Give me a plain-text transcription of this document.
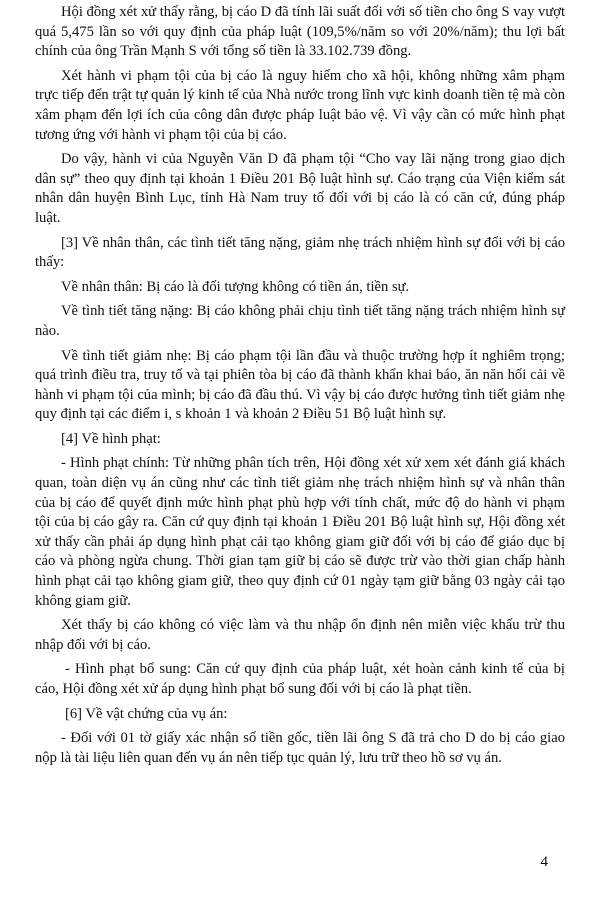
Hội đồng xét xử thấy rằng, bị cáo D đã tính lãi suất đối với số tiền cho ông S vay vượt quá 5,475 lần so với quy định của pháp luật (109,5%/năm so với 20%/năm); thu lợi bất chính của ông Trần Mạnh S với tổng số tiền là 33.102.739 đồng.

Xét hành vi phạm tội của bị cáo là nguy hiểm cho xã hội, không những xâm phạm trực tiếp đến trật tự quản lý kinh tế của Nhà nước trong lĩnh vực kinh doanh tiền tệ mà còn xâm phạm đến lợi ích của công dân được pháp luật bảo vệ. Vì vậy cần có mức hình phạt tương ứng với hành vi phạm tội của bị cáo.

Do vậy, hành vi của Nguyễn Văn D đã phạm tội “Cho vay lãi nặng trong giao dịch dân sự” theo quy định tại khoản 1 Điều 201 Bộ luật hình sự. Cáo trạng của Viện kiểm sát nhân dân huyện Bình Lục, tỉnh Hà Nam truy tố đối với bị cáo là có căn cứ, đúng pháp luật.

[3] Về nhân thân, các tình tiết tăng nặng, giảm nhẹ trách nhiệm hình sự đối với bị cáo thấy:

Về nhân thân: Bị cáo là đối tượng không có tiền án, tiền sự.

Về tình tiết tăng nặng: Bị cáo không phải chịu tình tiết tăng nặng trách nhiệm hình sự nào.

Về tình tiết giảm nhẹ: Bị cáo phạm tội lần đầu và thuộc trường hợp ít nghiêm trọng; quá trình điều tra, truy tố và tại phiên tòa bị cáo đã thành khẩn khai báo, ăn năn hối cải về hành vi phạm tội của mình; bị cáo đã đầu thú. Vì vậy bị cáo được hưởng tình tiết giảm nhẹ quy định tại các điểm i, s khoản 1 và khoản 2 Điều 51 Bộ luật hình sự.

[4] Về hình phạt:

- Hình phạt chính: Từ những phân tích trên, Hội đồng xét xử xem xét đánh giá khách quan, toàn diện vụ án cũng như các tình tiết giảm nhẹ trách nhiệm hình sự và nhân thân của bị cáo để quyết định mức hình phạt phù hợp với tính chất, mức độ do hành vi phạm tội của bị cáo gây ra. Căn cứ quy định tại khoản 1 Điều 201 Bộ luật hình sự, Hội đồng xét xử thấy cần phải áp dụng hình phạt cải tạo không giam giữ đối với bị cáo để giáo dục bị cáo và phòng ngừa chung. Thời gian tạm giữ bị cáo sẽ được trừ vào thời gian chấp hành hình phạt cải tạo không giam giữ, theo quy định cứ 01 ngày tạm giữ bằng 03 ngày cải tạo không giam giữ.

Xét thấy bị cáo không có việc làm và thu nhập ổn định nên miễn việc khấu trừ thu nhập đối với bị cáo.

- Hình phạt bổ sung: Căn cứ quy định của pháp luật, xét hoàn cảnh kinh tế của bị cáo, Hội đồng xét xử áp dụng hình phạt bổ sung đối với bị cáo là phạt tiền.

[6] Về vật chứng của vụ án:

- Đối với 01 tờ giấy xác nhận số tiền gốc, tiền lãi ông S đã trả cho D do bị cáo giao nộp là tài liệu liên quan đến vụ án nên tiếp tục quản lý, lưu trữ theo hồ sơ vụ án.

4
